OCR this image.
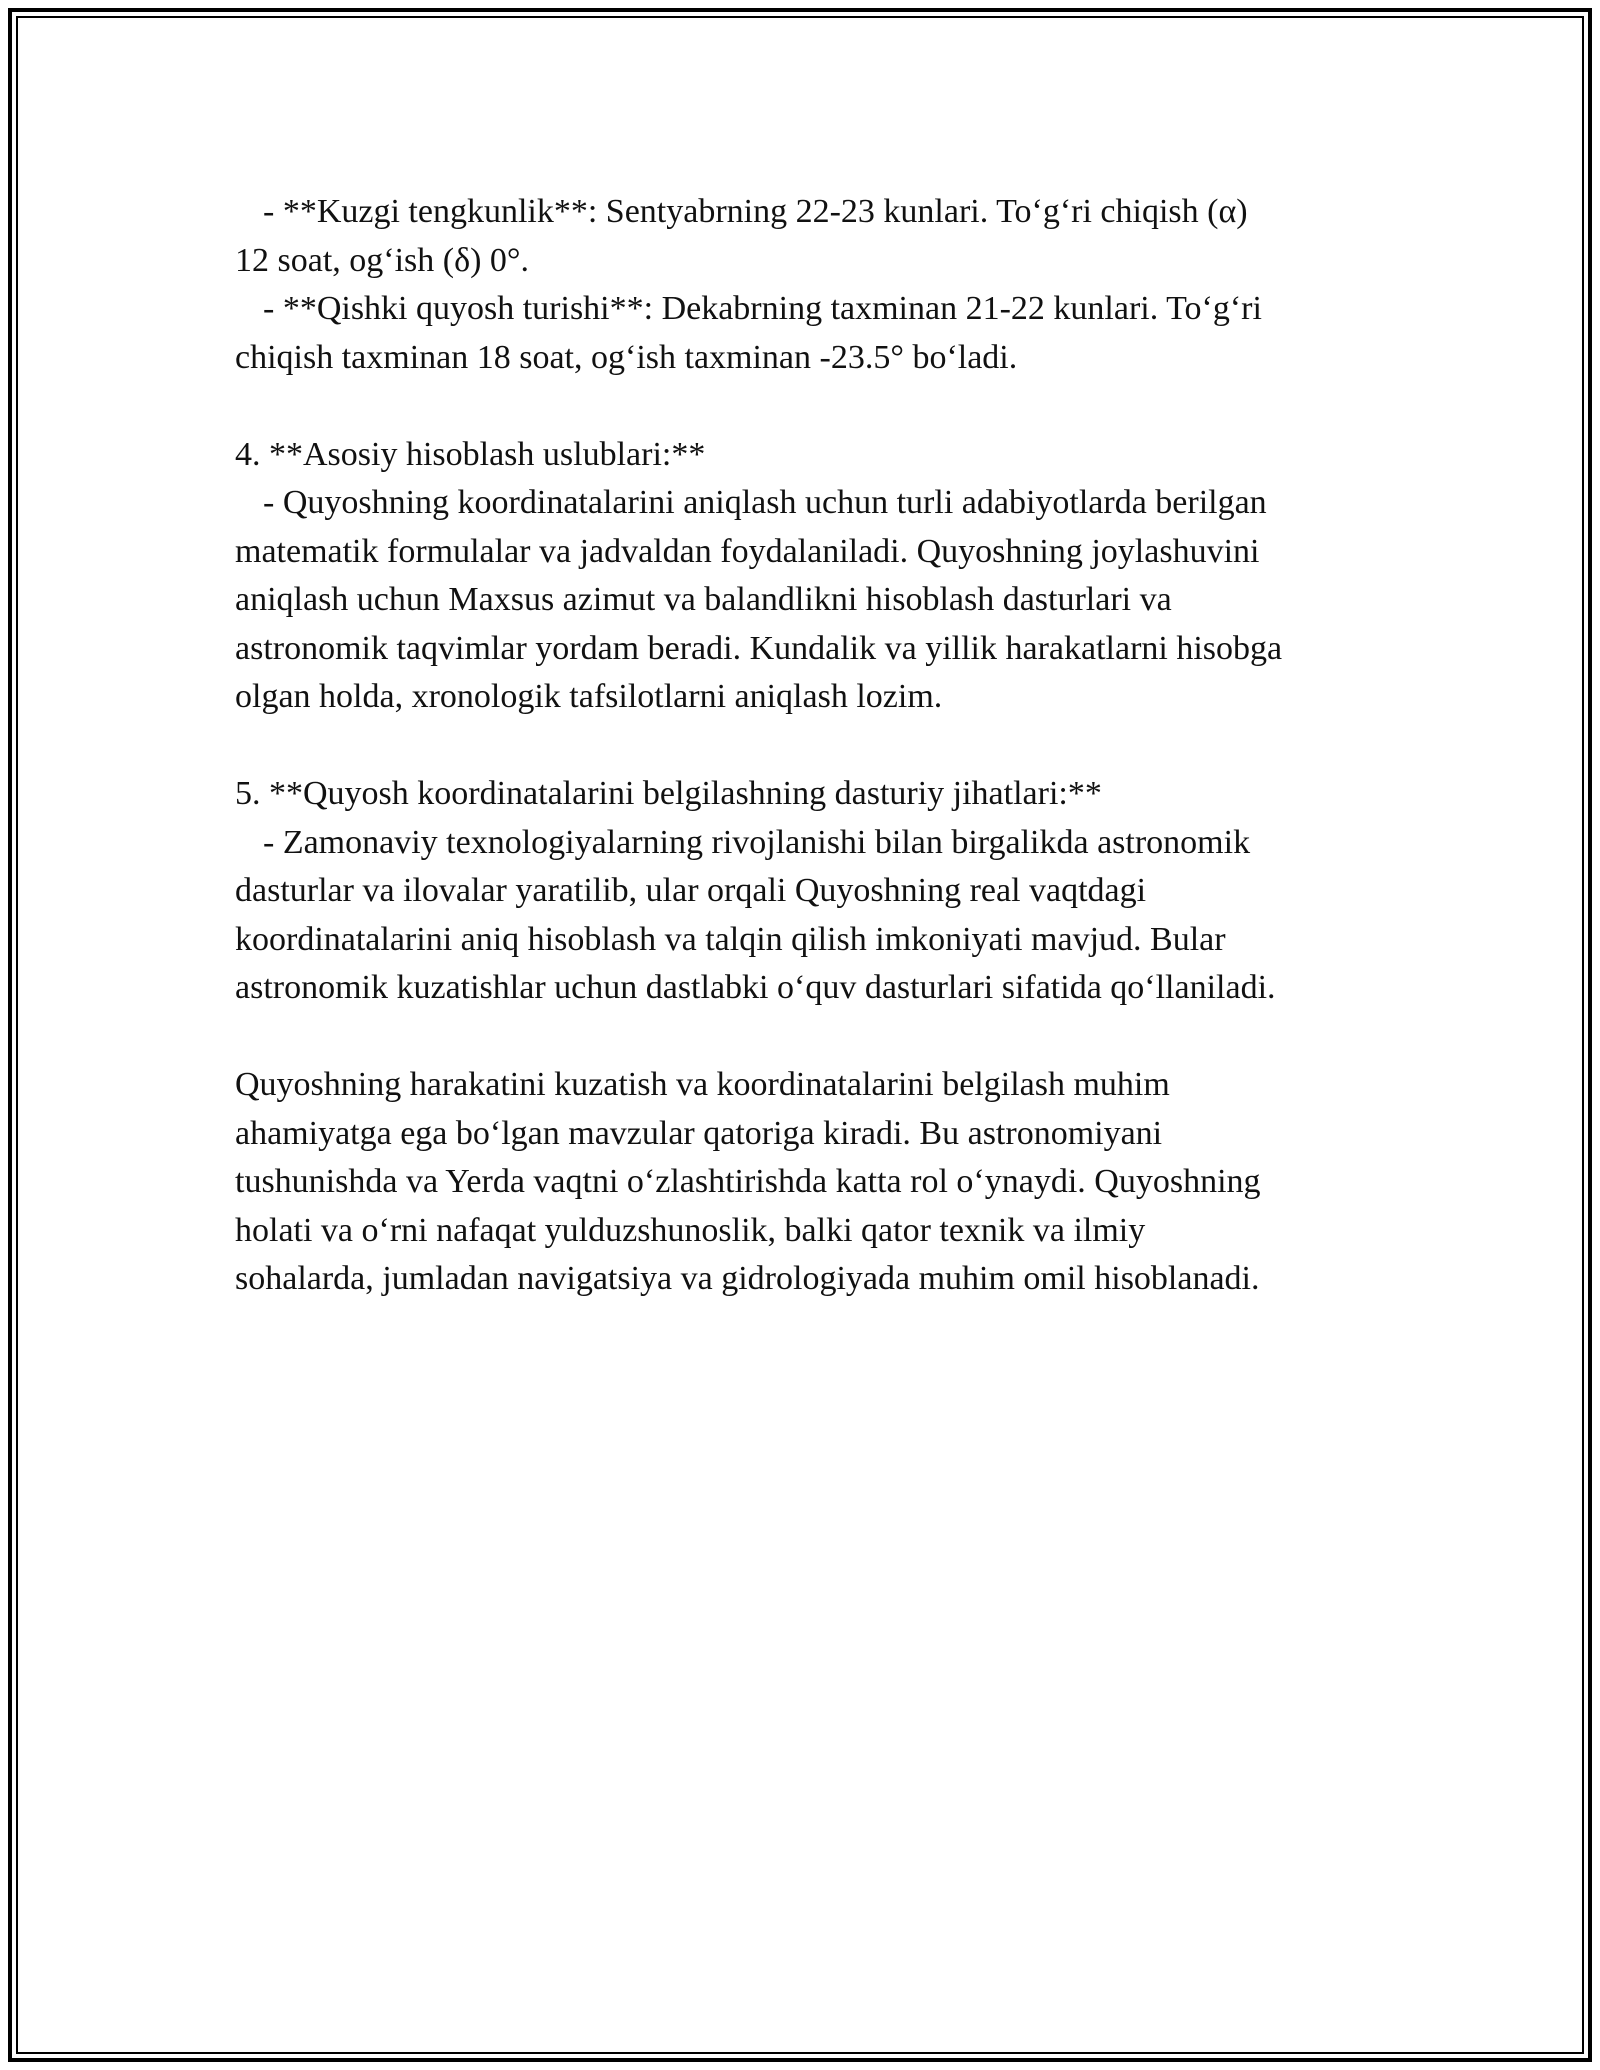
- **Kuzgi tengkunlik**: Sentyabrning 22-23 kunlari. To‘g‘ri chiqish (α)
12 soat, og‘ish (δ) 0°.
- **Qishki quyosh turishi**: Dekabrning taxminan 21-22 kunlari. To‘g‘ri
chiqish taxminan 18 soat, og‘ish taxminan -23.5° bo‘ladi.
4. **Asosiy hisoblash uslublari:**
- Quyoshning koordinatalarini aniqlash uchun turli adabiyotlarda berilgan
matematik formulalar va jadvaldan foydalaniladi. Quyoshning joylashuvini
aniqlash uchun Maxsus azimut va balandlikni hisoblash dasturlari va
astronomik taqvimlar yordam beradi. Kundalik va yillik harakatlarni hisobga
olgan holda, xronologik tafsilotlarni aniqlash lozim.
5. **Quyosh koordinatalarini belgilashning dasturiy jihatlari:**
- Zamonaviy texnologiyalarning rivojlanishi bilan birgalikda astronomik
dasturlar va ilovalar yaratilib, ular orqali Quyoshning real vaqtdagi
koordinatalarini aniq hisoblash va talqin qilish imkoniyati mavjud. Bular
astronomik kuzatishlar uchun dastlabki o‘quv dasturlari sifatida qo‘llaniladi.
Quyoshning harakatini kuzatish va koordinatalarini belgilash muhim
ahamiyatga ega bo‘lgan mavzular qatoriga kiradi. Bu astronomiyani
tushunishda va Yerda vaqtni o‘zlashtirishda katta rol o‘ynaydi. Quyoshning
holati va o‘rni nafaqat yulduzshunoslik, balki qator texnik va ilmiy
sohalarda, jumladan navigatsiya va gidrologiyada muhim omil hisoblanadi.
